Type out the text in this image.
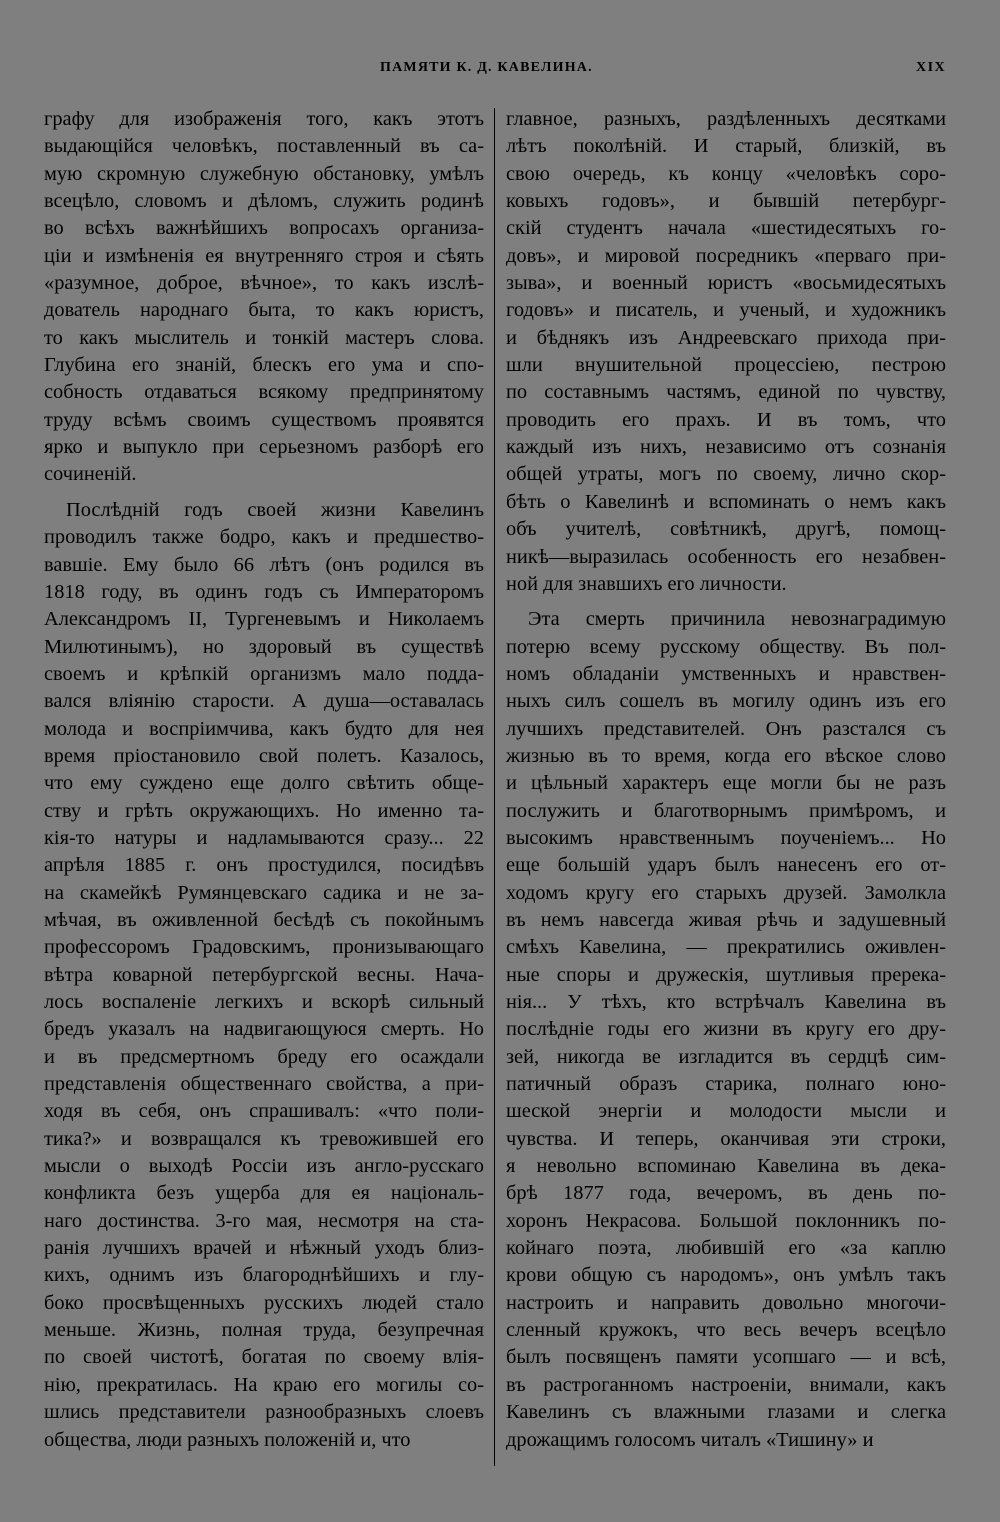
ПАМЯТИ К. Д. КАВЕЛИНА.	XIX
графу для изображенія того, какъ этотъ
выдающійся человѣкъ, поставленный въ са-
мую скромную служебную обстановку, умѣлъ
всецѣло, словомъ и дѣломъ, служить родинѣ
во всѣхъ важнѣйшихъ вопросахъ организа-
ціи и измѣненія ея внутренняго строя и сѣять
«разумное, доброе, вѣчное», то какъ изслѣ-
дователь народнаго быта, то какъ юристъ,
то какъ мыслитель и тонкій мастеръ слова.
Глубина его знаній, блескъ его ума и спо-
собность отдаваться всякому предпринятому
труду всѣмъ своимъ существомъ проявятся
ярко и выпукло при серьезномъ разборѣ его
сочиненій.
Послѣдній годъ своей жизни Кавелинъ
проводилъ также бодро, какъ и предшество-
вавшіе. Ему было 66 лѣтъ (онъ родился въ
1818 году, въ одинъ годъ съ Императоромъ
Александромъ II, Тургеневымъ и Николаемъ
Милютинымъ), но здоровый въ существѣ
своемъ и крѣпкій организмъ мало подда-
вался вліянію старости. А душа—оставалась
молода и воспріимчива, какъ будто для нея
время пріостановило свой полетъ. Казалось,
что ему суждено еще долго свѣтить обще-
ству и грѣть окружающихъ. Но именно та-
кія-то натуры и надламываются сразу... 22
апрѣля 1885 г. онъ простудился, посидѣвъ
на скамейкѣ Румянцевскаго садика и не за-
мѣчая, въ оживленной бесѣдѣ съ покойнымъ
профессоромъ Градовскимъ, пронизывающаго
вѣтра коварной петербургской весны. Нача-
лось воспаленіе легкихъ и вскорѣ сильный
бредъ указалъ на надвигающуюся смерть. Но
и въ предсмертномъ бреду его осаждали
представленія общественнаго свойства, а при-
ходя въ себя, онъ спрашивалъ: «что поли-
тика?» и возвращался къ тревожившей его
мысли о выходѣ Россіи изъ англо-русскаго
конфликта безъ ущерба для ея національ-
наго достинства. 3-го мая, несмотря на ста-
ранія лучшихъ врачей и нѣжный уходъ близ-
кихъ, однимъ изъ благороднѣйшихъ и глу-
боко просвѣщенныхъ русскихъ людей стало
меньше. Жизнь, полная труда, безупречная
по своей чистотѣ, богатая по своему влія-
нію, прекратилась. На краю его могилы со-
шлись представители разнообразныхъ слоевъ
общества, люди разныхъ положеній и, что
главное, разныхъ, раздѣленныхъ десятками
лѣтъ поколѣній. И старый, близкій, въ
свою очередь, къ концу «человѣкъ соро-
ковыхъ годовъ», и бывшій петербург-
скій студентъ начала «шестидесятыхъ го-
довъ», и мировой посредникъ «перваго при-
зыва», и военный юристъ «восьмидесятыхъ
годовъ» и писатель, и ученый, и художникъ
и бѣднякъ изъ Андреевскаго прихода при-
шли внушительной процессіею, пестрою
по составнымъ частямъ, единой по чувству,
проводить его прахъ. И въ томъ, что
каждый изъ нихъ, независимо отъ сознанія
общей утраты, могъ по своему, лично скор-
бѣть о Кавелинѣ и вспоминать о немъ какъ
объ учителѣ, совѣтникѣ, другѣ, помощ-
никѣ—выразилась особенность его незабвен-
ной для знавшихъ его личности.
Эта смерть причинила невознаградимую
потерю всему русскому обществу. Въ пол-
номъ обладаніи умственныхъ и нравствен-
ныхъ силъ сошелъ въ могилу одинъ изъ его
лучшихъ представителей. Онъ разстался съ
жизнью въ то время, когда его вѣское слово
и цѣльный характеръ еще могли бы не разъ
послужить и благотворнымъ примѣромъ, и
высокимъ нравственнымъ поученіемъ... Но
еще большій ударъ былъ нанесенъ его от-
ходомъ кругу его старыхъ друзей. Замолкла
въ немъ навсегда живая рѣчь и задушевный
смѣхъ Кавелина, — прекратились оживлен-
ные споры и дружескія, шутливыя пререка-
нія... У тѣхъ, кто встрѣчалъ Кавелина въ
послѣдніе годы его жизни въ кругу его дру-
зей, никогда ве изгладится въ сердцѣ сим-
патичный образъ старика, полнаго юно-
шеской энергіи и молодости мысли и
чувства. И теперь, оканчивая эти строки,
я невольно вспоминаю Кавелина въ дека-
брѣ 1877 года, вечеромъ, въ день по-
хоронъ Некрасова. Большой поклонникъ по-
койнаго поэта, любившій его «за каплю
крови общую съ народомъ», онъ умѣлъ такъ
настроить и направить довольно многочи-
сленный кружокъ, что весь вечеръ всецѣло
былъ посвященъ памяти усопшаго — и всѣ,
въ растроганномъ настроеніи, внимали, какъ
Кавелинъ съ влажными глазами и слегка
дрожащимъ голосомъ читалъ «Тишину» и
